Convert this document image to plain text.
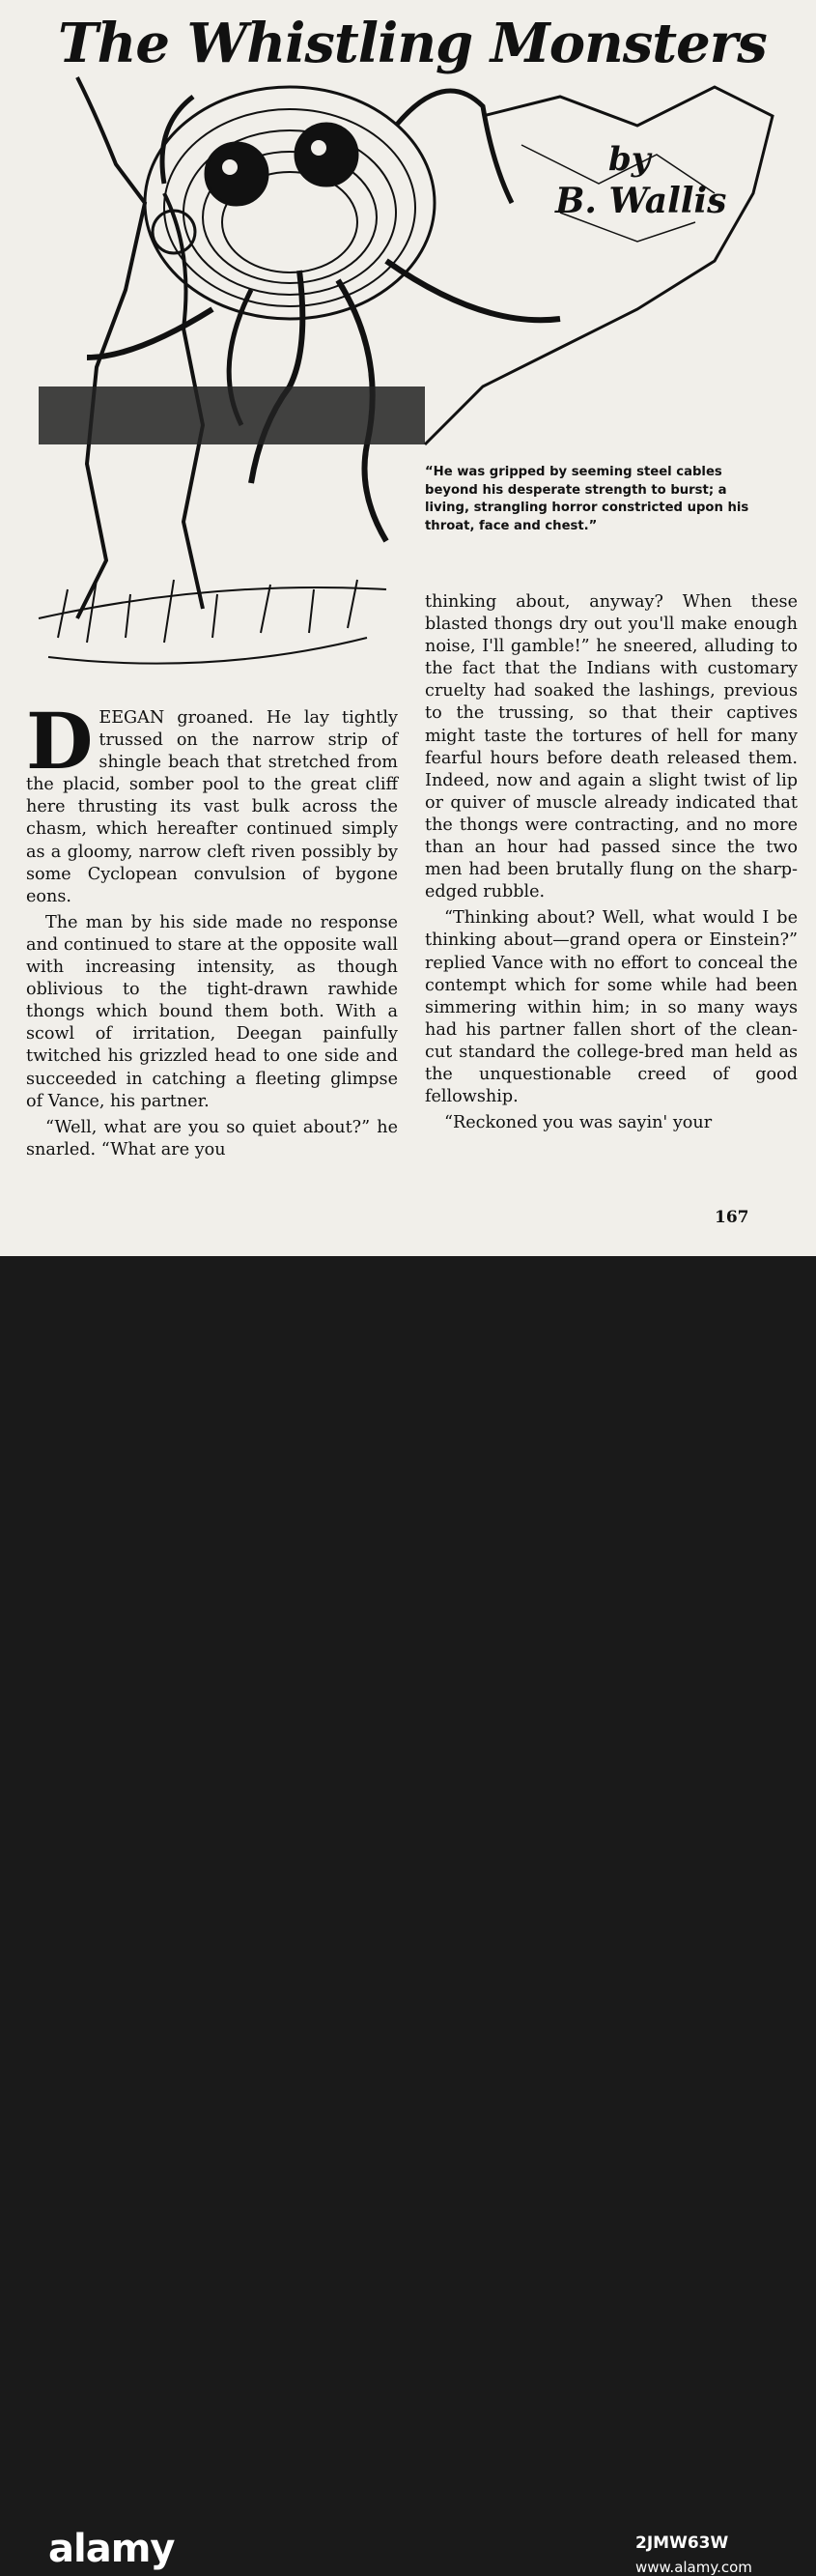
The Whistling Monsters
by
B. Wallis
“He was gripped by seeming steel cables beyond his desperate strength to burst; a living, strangling horror constricted upon his throat, face and chest.”

DEEGAN groaned. He lay tightly trussed on the narrow strip of shingle beach that stretched from the placid, somber pool to the great cliff here thrusting its vast bulk across the chasm, which hereafter continued simply as a gloomy, narrow cleft riven possibly by some Cyclopean convulsion of bygone eons.

The man by his side made no response and continued to stare at the opposite wall with increasing intensity, as though oblivious to the tight-drawn rawhide thongs which bound them both. With a scowl of irritation, Deegan painfully twitched his grizzled head to one side and succeeded in catching a fleeting glimpse of Vance, his partner.

“Well, what are you so quiet about?” he snarled. “What are you

thinking about, anyway? When these blasted thongs dry out you'll make enough noise, I'll gamble!” he sneered, alluding to the fact that the Indians with customary cruelty had soaked the lashings, previous to the trussing, so that their captives might taste the tortures of hell for many fearful hours before death released them. Indeed, now and again a slight twist of lip or quiver of muscle already indicated that the thongs were contracting, and no more than an hour had passed since the two men had been brutally flung on the sharp-edged rubble.

“Thinking about? Well, what would I be thinking about—grand opera or Einstein?” replied Vance with no effort to conceal the contempt which for some while had been simmering within him; in so many ways had his partner fallen short of the clean-cut standard the college-bred man held as the unquestionable creed of good fellowship.

“Reckoned you was sayin' your

167
alamy	2JMW63W
www.alamy.com
